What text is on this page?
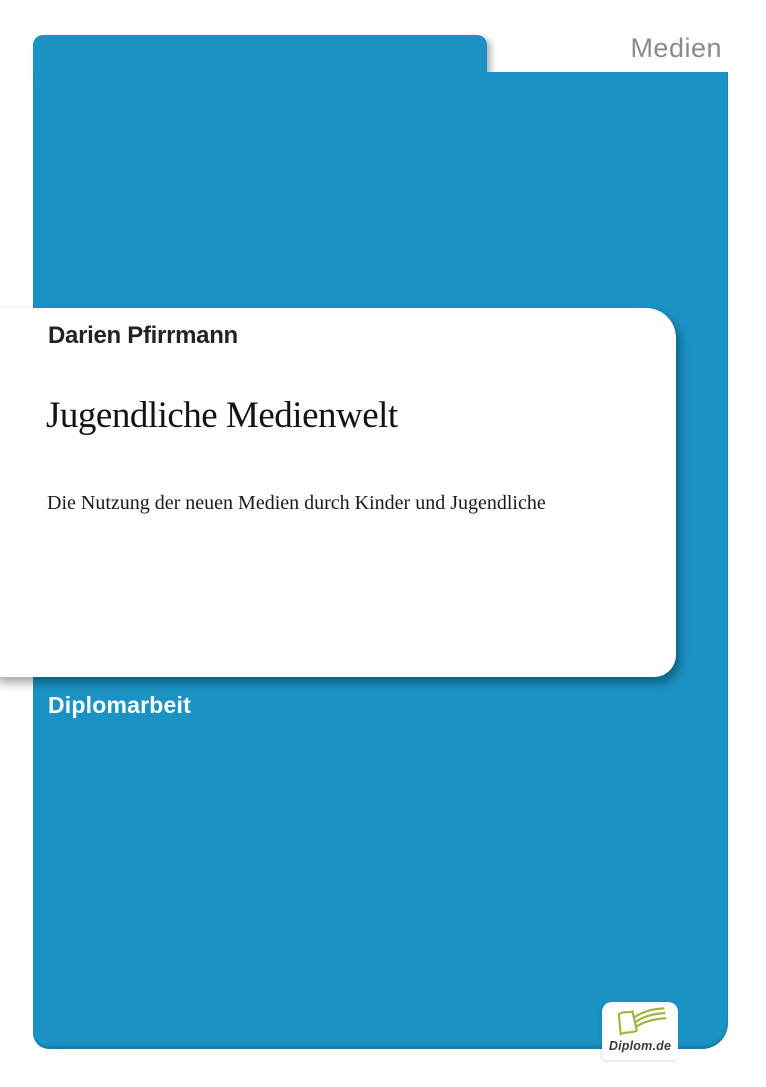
Medien
Darien Pfirrmann
Jugendliche Medienwelt
Die Nutzung der neuen Medien durch Kinder und Jugendliche
Diplomarbeit
Diplom.de
